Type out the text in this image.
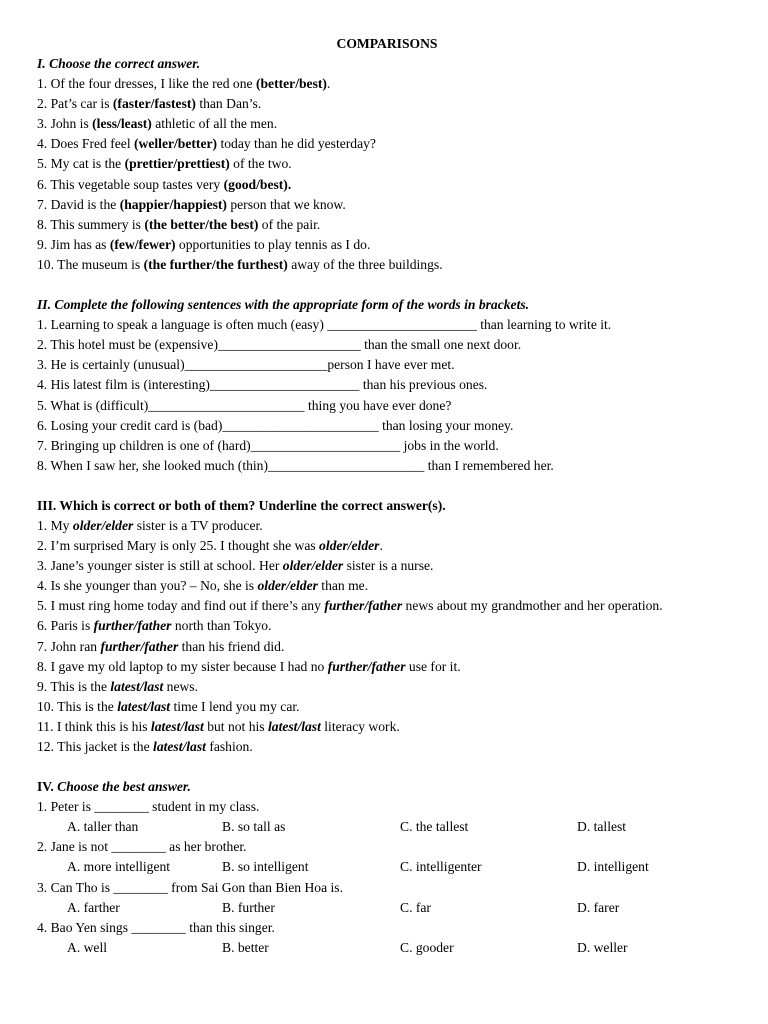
COMPARISONS
I. Choose the correct answer.
1. Of the four dresses, I like the red one (better/best).
2. Pat’s car is (faster/fastest) than Dan’s.
3. John is (less/least) athletic of all the men.
4. Does Fred feel (weller/better) today than he did yesterday?
5. My cat is the (prettier/prettiest) of the two.
6. This vegetable soup tastes very (good/best).
7. David is the (happier/happiest) person that we know.
8. This summery is (the better/the best) of the pair.
9. Jim has as (few/fewer) opportunities to play tennis as I do.
10. The museum is (the further/the furthest) away of the three buildings.
II. Complete the following sentences with the appropriate form of the words in brackets.
1. Learning to speak a language is often much (easy) ______________________ than learning to write it.
2. This hotel must be (expensive)_____________________ than the small one next door.
3. He is certainly (unusual)_____________________person I have ever met.
4. His latest film is (interesting)______________________ than his previous ones.
5. What is (difficult)_______________________ thing you have ever done?
6. Losing your credit card is (bad)_______________________ than losing your money.
7. Bringing up children is one of (hard)______________________ jobs in the world.
8. When I saw her, she looked much (thin)_______________________ than I remembered her.
III. Which is correct or both of them? Underline the correct answer(s).
1. My older/elder sister is a TV producer.
2. I’m surprised Mary is only 25. I thought she was older/elder.
3. Jane’s younger sister is still at school. Her older/elder sister is a nurse.
4. Is she younger than you? – No, she is older/elder than me.
5. I must ring home today and find out if there’s any further/father news about my grandmother and her operation.
6. Paris is further/father north than Tokyo.
7. John ran further/father than his friend did.
8. I gave my old laptop to my sister because I had no further/father use for it.
9. This is the latest/last news.
10. This is the latest/last time I lend you my car.
11. I think this is his latest/last but not his latest/last literacy work.
12. This jacket is the latest/last fashion.
IV. Choose the best answer.
1. Peter is ________ student in my class.
A. taller than	B. so tall as	C. the tallest	D. tallest
2. Jane is not ________ as her brother.
A. more intelligent	B. so intelligent	C. intelligenter	D. intelligent
3. Can Tho is ________ from Sai Gon than Bien Hoa is.
A. farther	B. further	C. far	D. farer
4. Bao Yen sings ________ than this singer.
A. well	B. better	C. gooder	D. weller
